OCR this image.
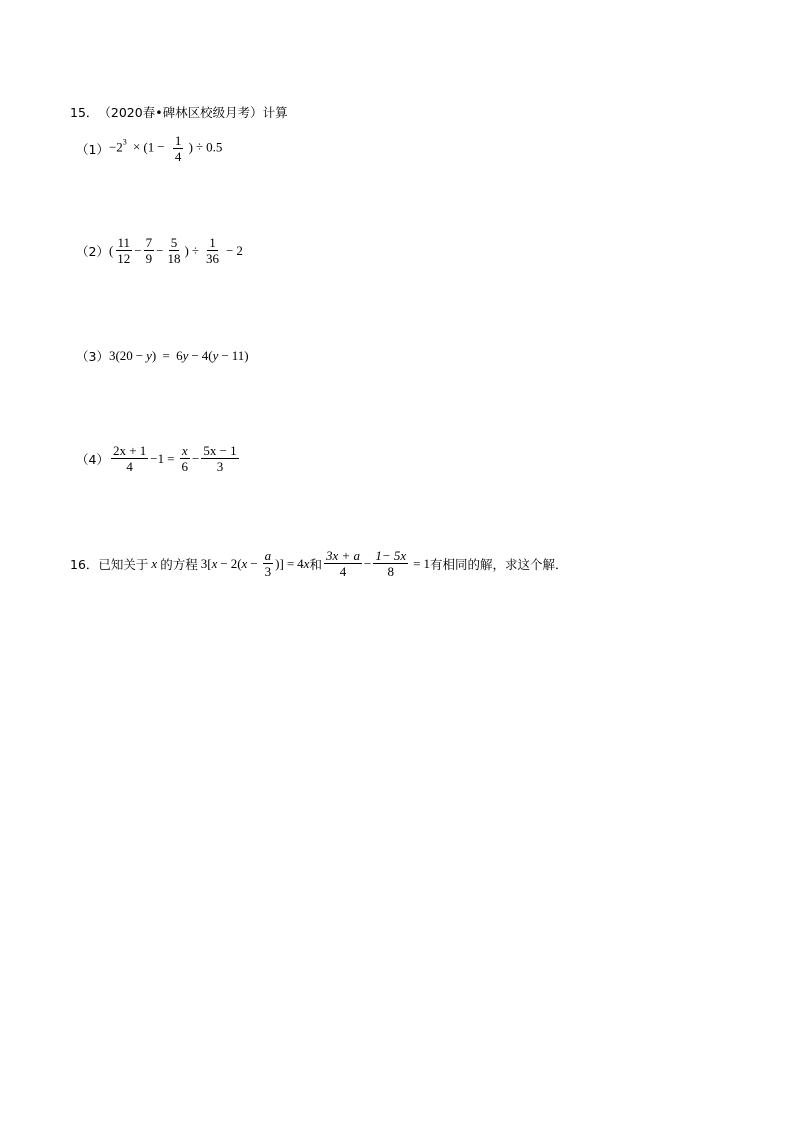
15． （2020春•碑林区校级月考） 计算
$(1) -2^3 \times (1 - \frac{1}{4}$ ) ÷ 0.5
（2） ( $\frac{11}{12} - \frac{7}{9} - \frac{5}{18}$ ) ÷ $\frac{1}{36} - 2$
（3） 3(20 − y) = 6y − 4(y − 11)
$(4) \frac{2x + 1}{4} - 1 = \frac{x}{6} - \frac{5x - 1}{3}$
16． 已知关于 x 的方程 3[ x − 2( $x - \frac{a}{3}$ )] = 4 x 和 $\frac{3x + a}{4} - \frac{1- 5x}{8} = 1$ 有相同的解，求这个解．
